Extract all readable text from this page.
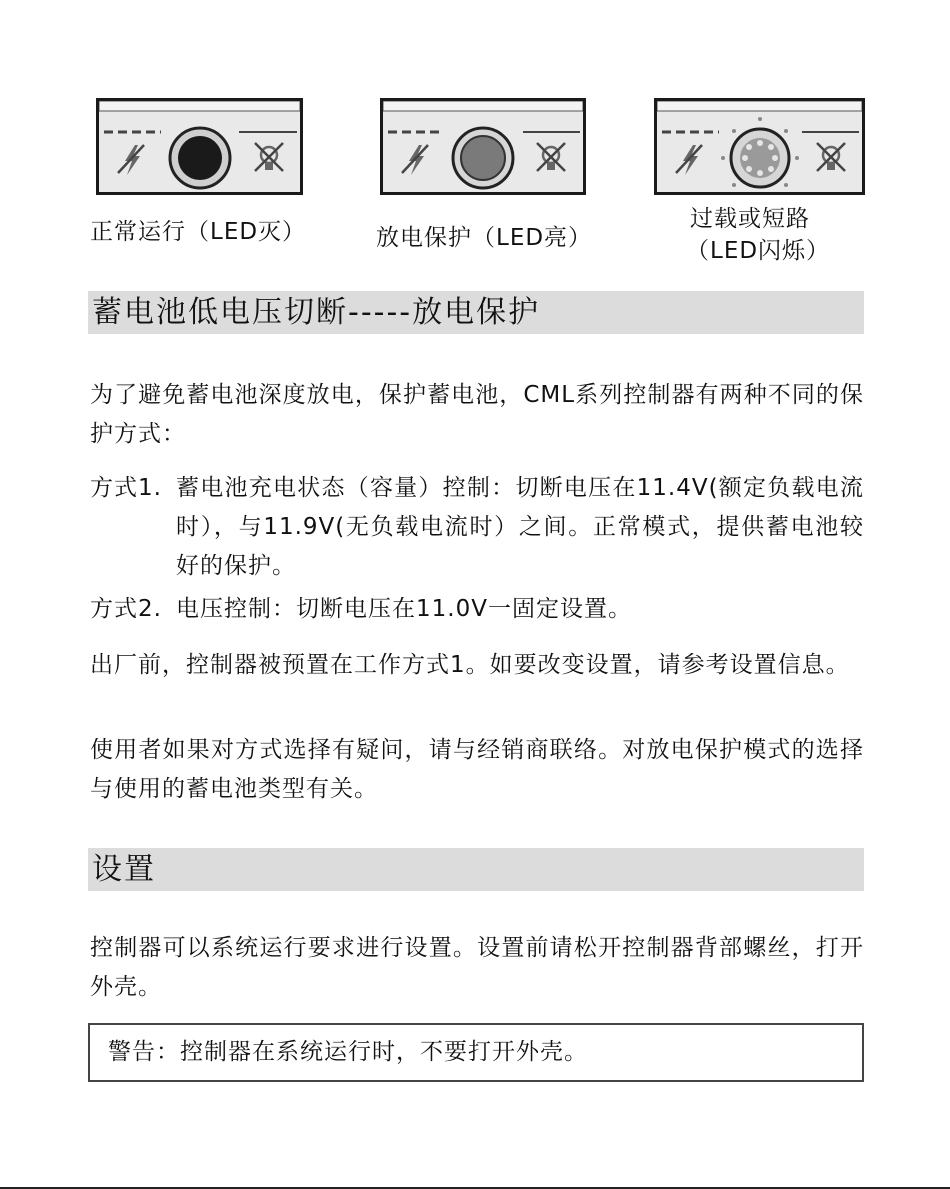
正常运行（LED灭）	放电保护（LED亮）
过载或短路
（LED闪烁）
蓄电池低电压切断-----放电保护

为了避免蓄电池深度放电，保护蓄电池，CML系列控制器有两种不同的保护方式：

方式1. 蓄电池充电状态（容量）控制：切断电压在11.4V(额定负载电流时），与11.9V(无负载电流时）之间。正常模式，提供蓄电池较好的保护。

方式2. 电压控制：切断电压在11.0V一固定设置。

出厂前，控制器被预置在工作方式1。如要改变设置，请参考设置信息。

使用者如果对方式选择有疑问，请与经销商联络。对放电保护模式的选择与使用的蓄电池类型有关。

设置

控制器可以系统运行要求进行设置。设置前请松开控制器背部螺丝，打开外壳。

警告：控制器在系统运行时，不要打开外壳。
